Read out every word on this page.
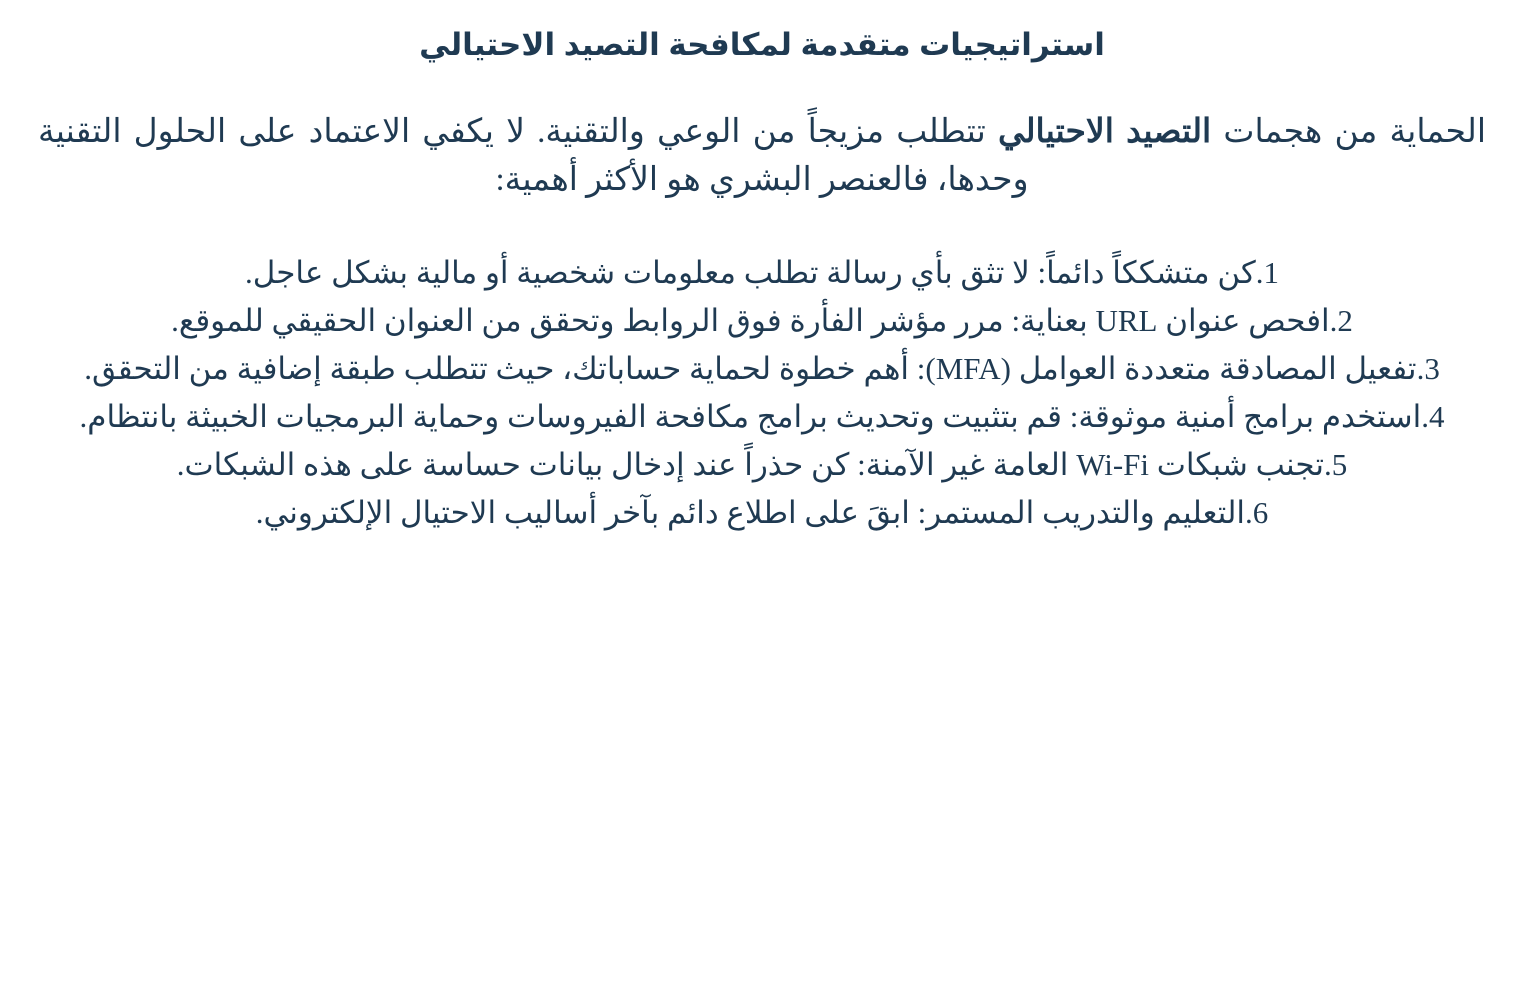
استراتيجيات متقدمة لمكافحة التصيد الاحتيالي

الحماية من هجمات التصيد الاحتيالي تتطلب مزيجاً من الوعي والتقنية. لا يكفي الاعتماد على الحلول التقنية وحدها، فالعنصر البشري هو الأكثر أهمية:

1.كن متشككاً دائماً: لا تثق بأي رسالة تطلب معلومات شخصية أو مالية بشكل عاجل.
2.افحص عنوان URL بعناية: مرر مؤشر الفأرة فوق الروابط وتحقق من العنوان الحقيقي للموقع.
3.تفعيل المصادقة متعددة العوامل (MFA): أهم خطوة لحماية حساباتك، حيث تتطلب طبقة إضافية من التحقق.
4.استخدم برامج أمنية موثوقة: قم بتثبيت وتحديث برامج مكافحة الفيروسات وحماية البرمجيات الخبيثة بانتظام.
5.تجنب شبكات Wi-Fi العامة غير الآمنة: كن حذراً عند إدخال بيانات حساسة على هذه الشبكات.
6.التعليم والتدريب المستمر: ابقَ على اطلاع دائم بآخر أساليب الاحتيال الإلكتروني.
